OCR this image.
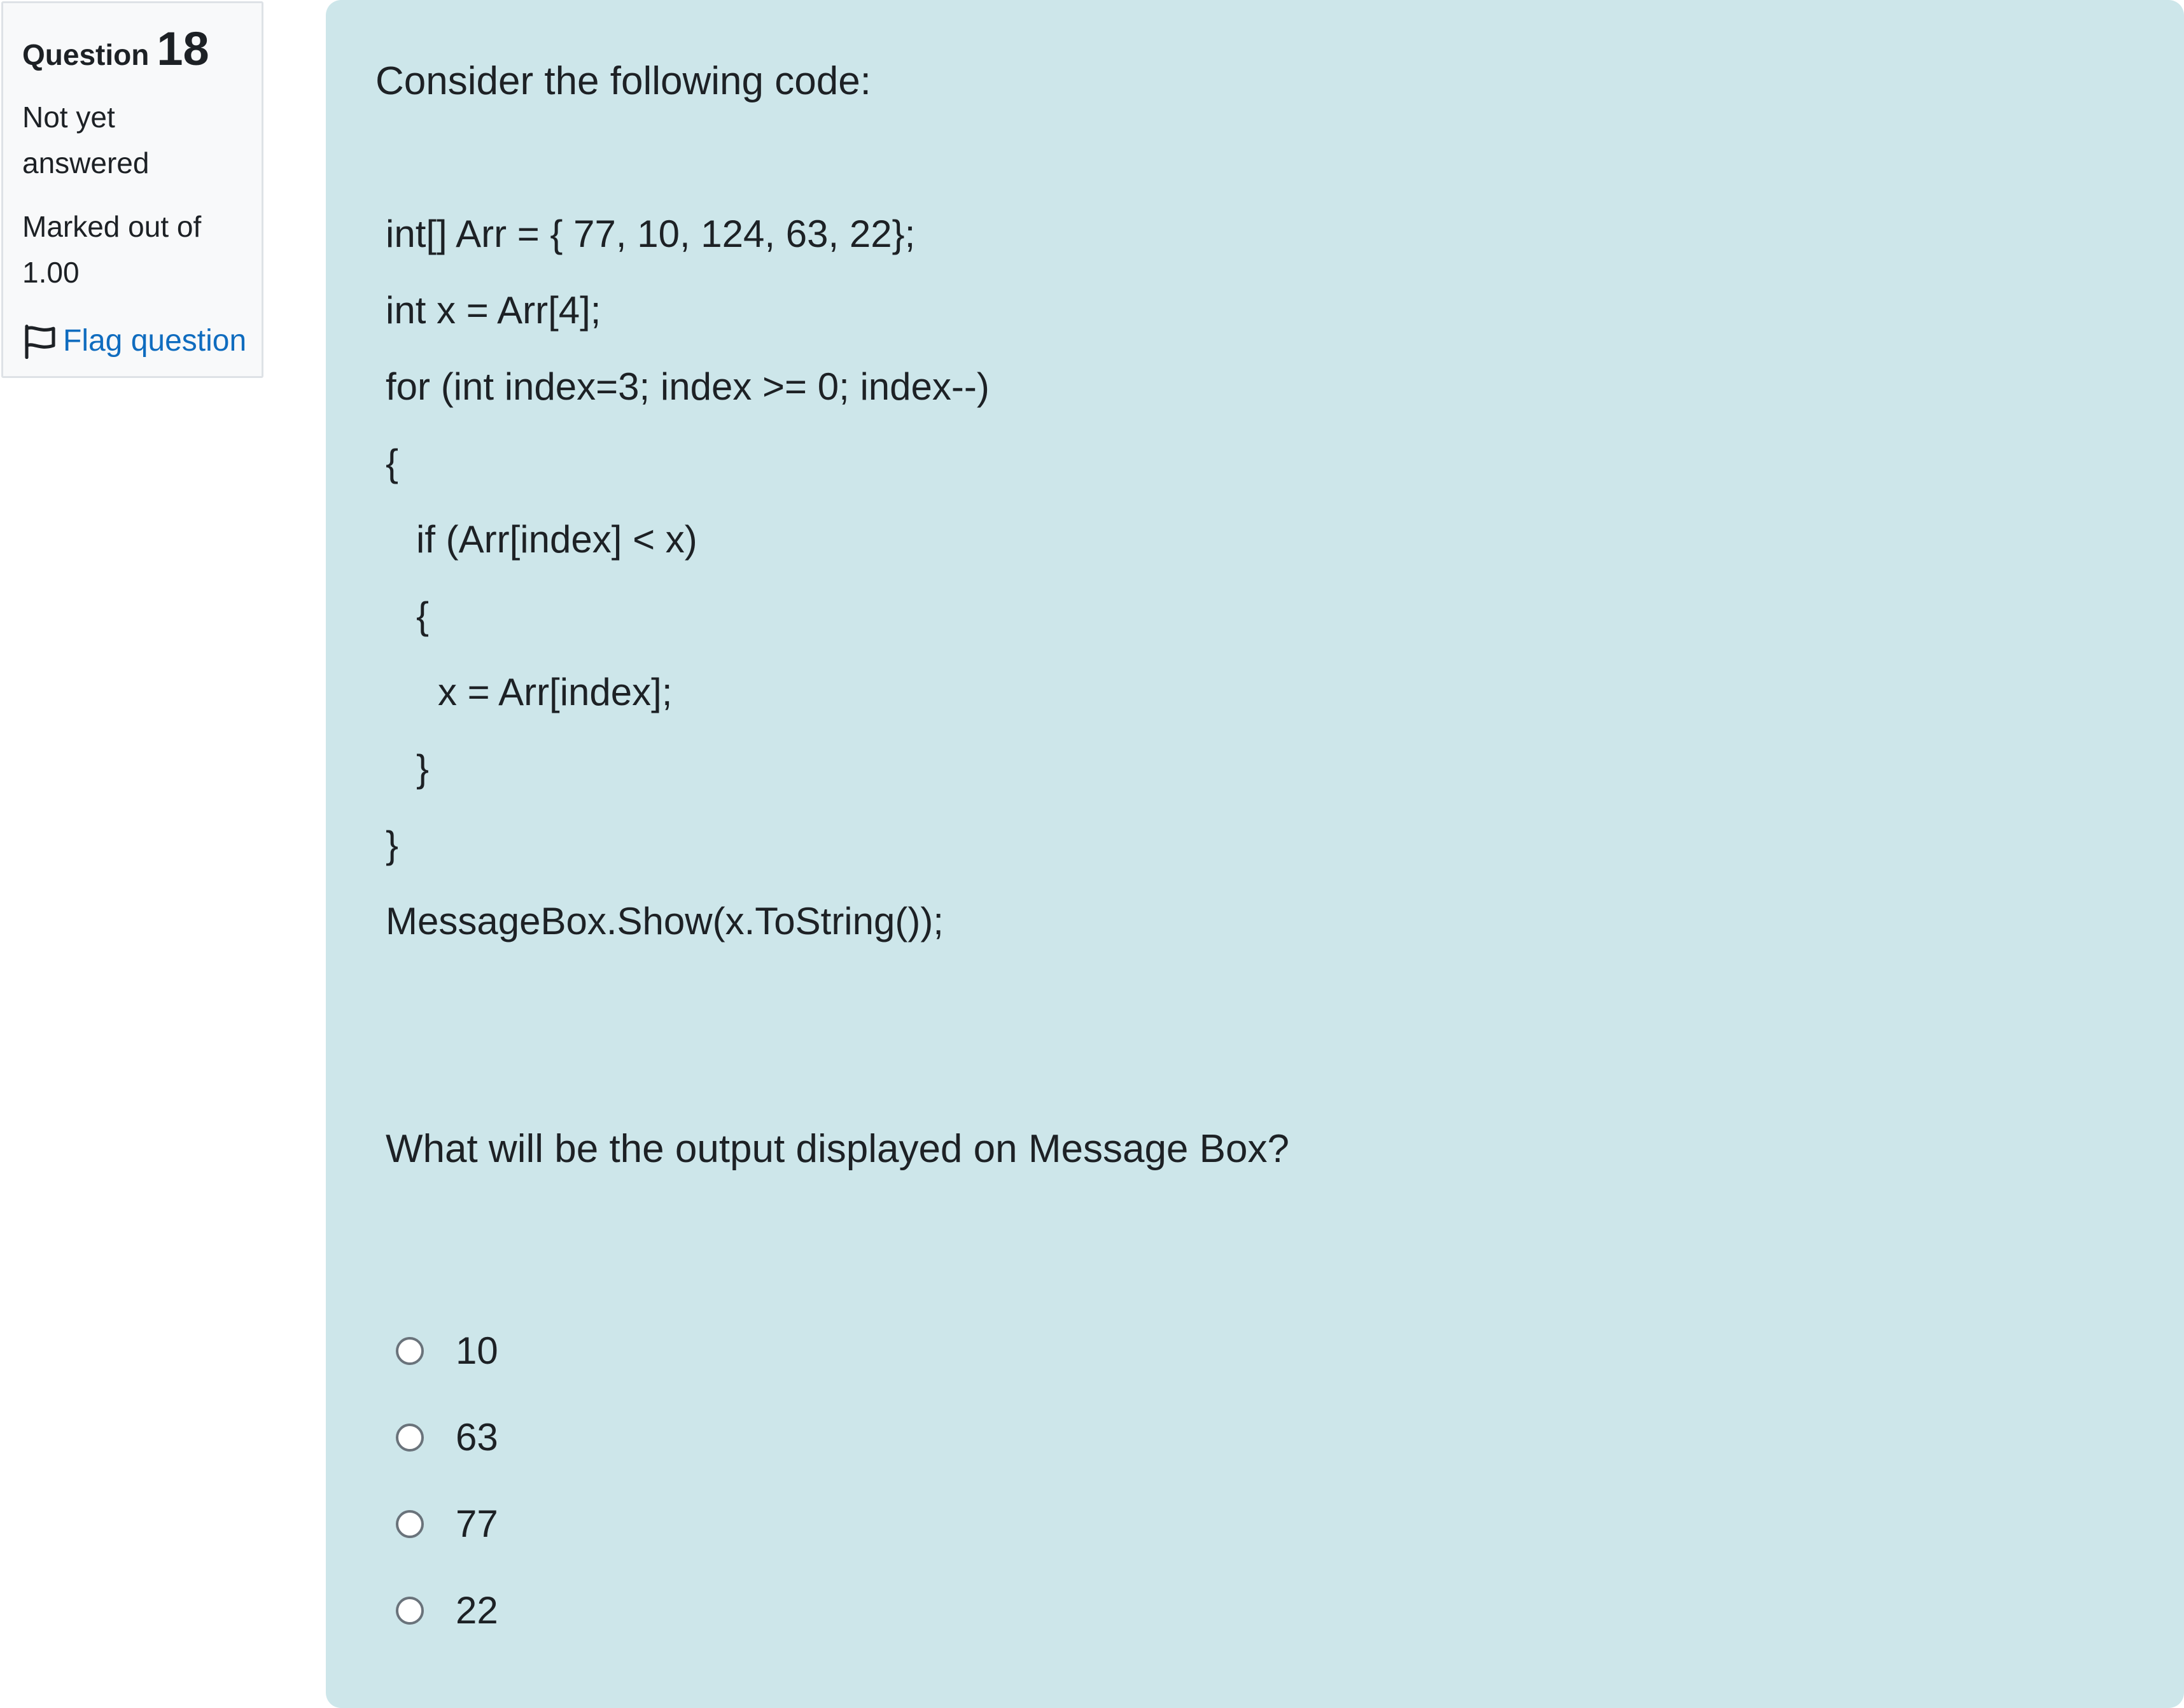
Question 18
Not yet
answered
Marked out of
1.00
Flag question
Consider the following code:
int[] Arr = { 77, 10, 124, 63, 22};
int x = Arr[4];
for (int index=3; index >= 0; index--)
{
if (Arr[index] < x)
{
x = Arr[index];
}
}
MessageBox.Show(x.ToString());
What will be the output displayed on Message Box?
10
63
77
22
